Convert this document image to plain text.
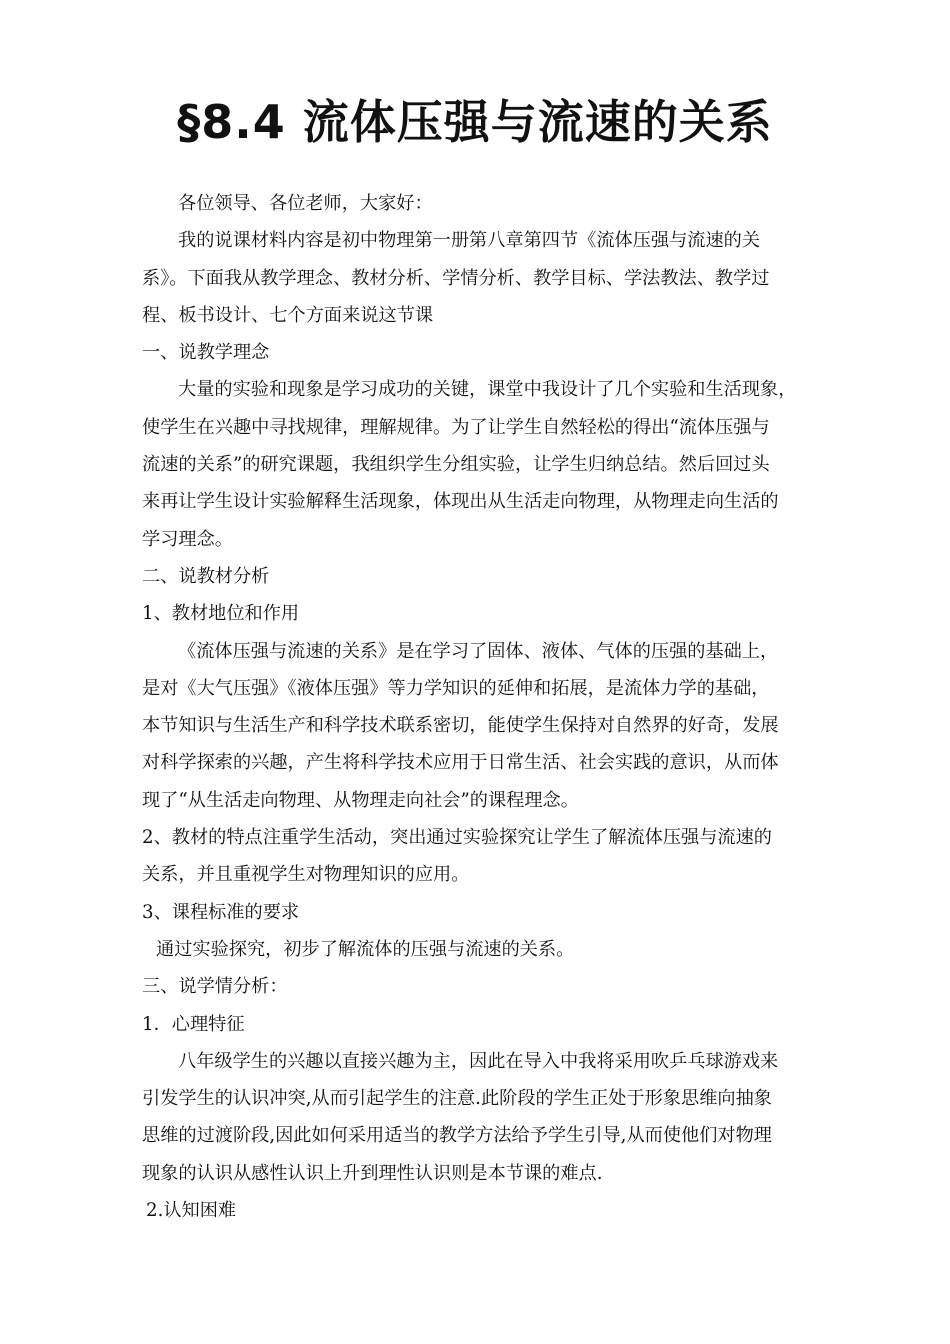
§8.4 流体压强与流速的关系
各位领导、各位老师，大家好：
我的说课材料内容是初中物理第一册第八章第四节《流体压强与流速的关
系》。下面我从教学理念、教材分析、学情分析、教学目标、学法教法、教学过
程、板书设计、七个方面来说这节课
一、说教学理念
大量的实验和现象是学习成功的关键，课堂中我设计了几个实验和生活现象，
使学生在兴趣中寻找规律，理解规律。为了让学生自然轻松的得出“流体压强与
流速的关系”的研究课题，我组织学生分组实验，让学生归纳总结。然后回过头
来再让学生设计实验解释生活现象，体现出从生活走向物理，从物理走向生活的
学习理念。
二、说教材分析
1、教材地位和作用
《流体压强与流速的关系》是在学习了固体、液体、气体的压强的基础上，
是对《大气压强》《液体压强》等力学知识的延伸和拓展，是流体力学的基础，
本节知识与生活生产和科学技术联系密切，能使学生保持对自然界的好奇，发展
对科学探索的兴趣，产生将科学技术应用于日常生活、社会实践的意识，从而体
现了“从生活走向物理、从物理走向社会”的课程理念。
2、教材的特点注重学生活动，突出通过实验探究让学生了解流体压强与流速的
关系，并且重视学生对物理知识的应用。
3、课程标准的要求
通过实验探究，初步了解流体的压强与流速的关系。
三、说学情分析：
1．心理特征
八年级学生的兴趣以直接兴趣为主，因此在导入中我将采用吹乒乓球游戏来
引发学生的认识冲突,从而引起学生的注意.此阶段的学生正处于形象思维向抽象
思维的过渡阶段,因此如何采用适当的教学方法给予学生引导,从而使他们对物理
现象的认识从感性认识上升到理性认识则是本节课的难点.
2.认知困难
